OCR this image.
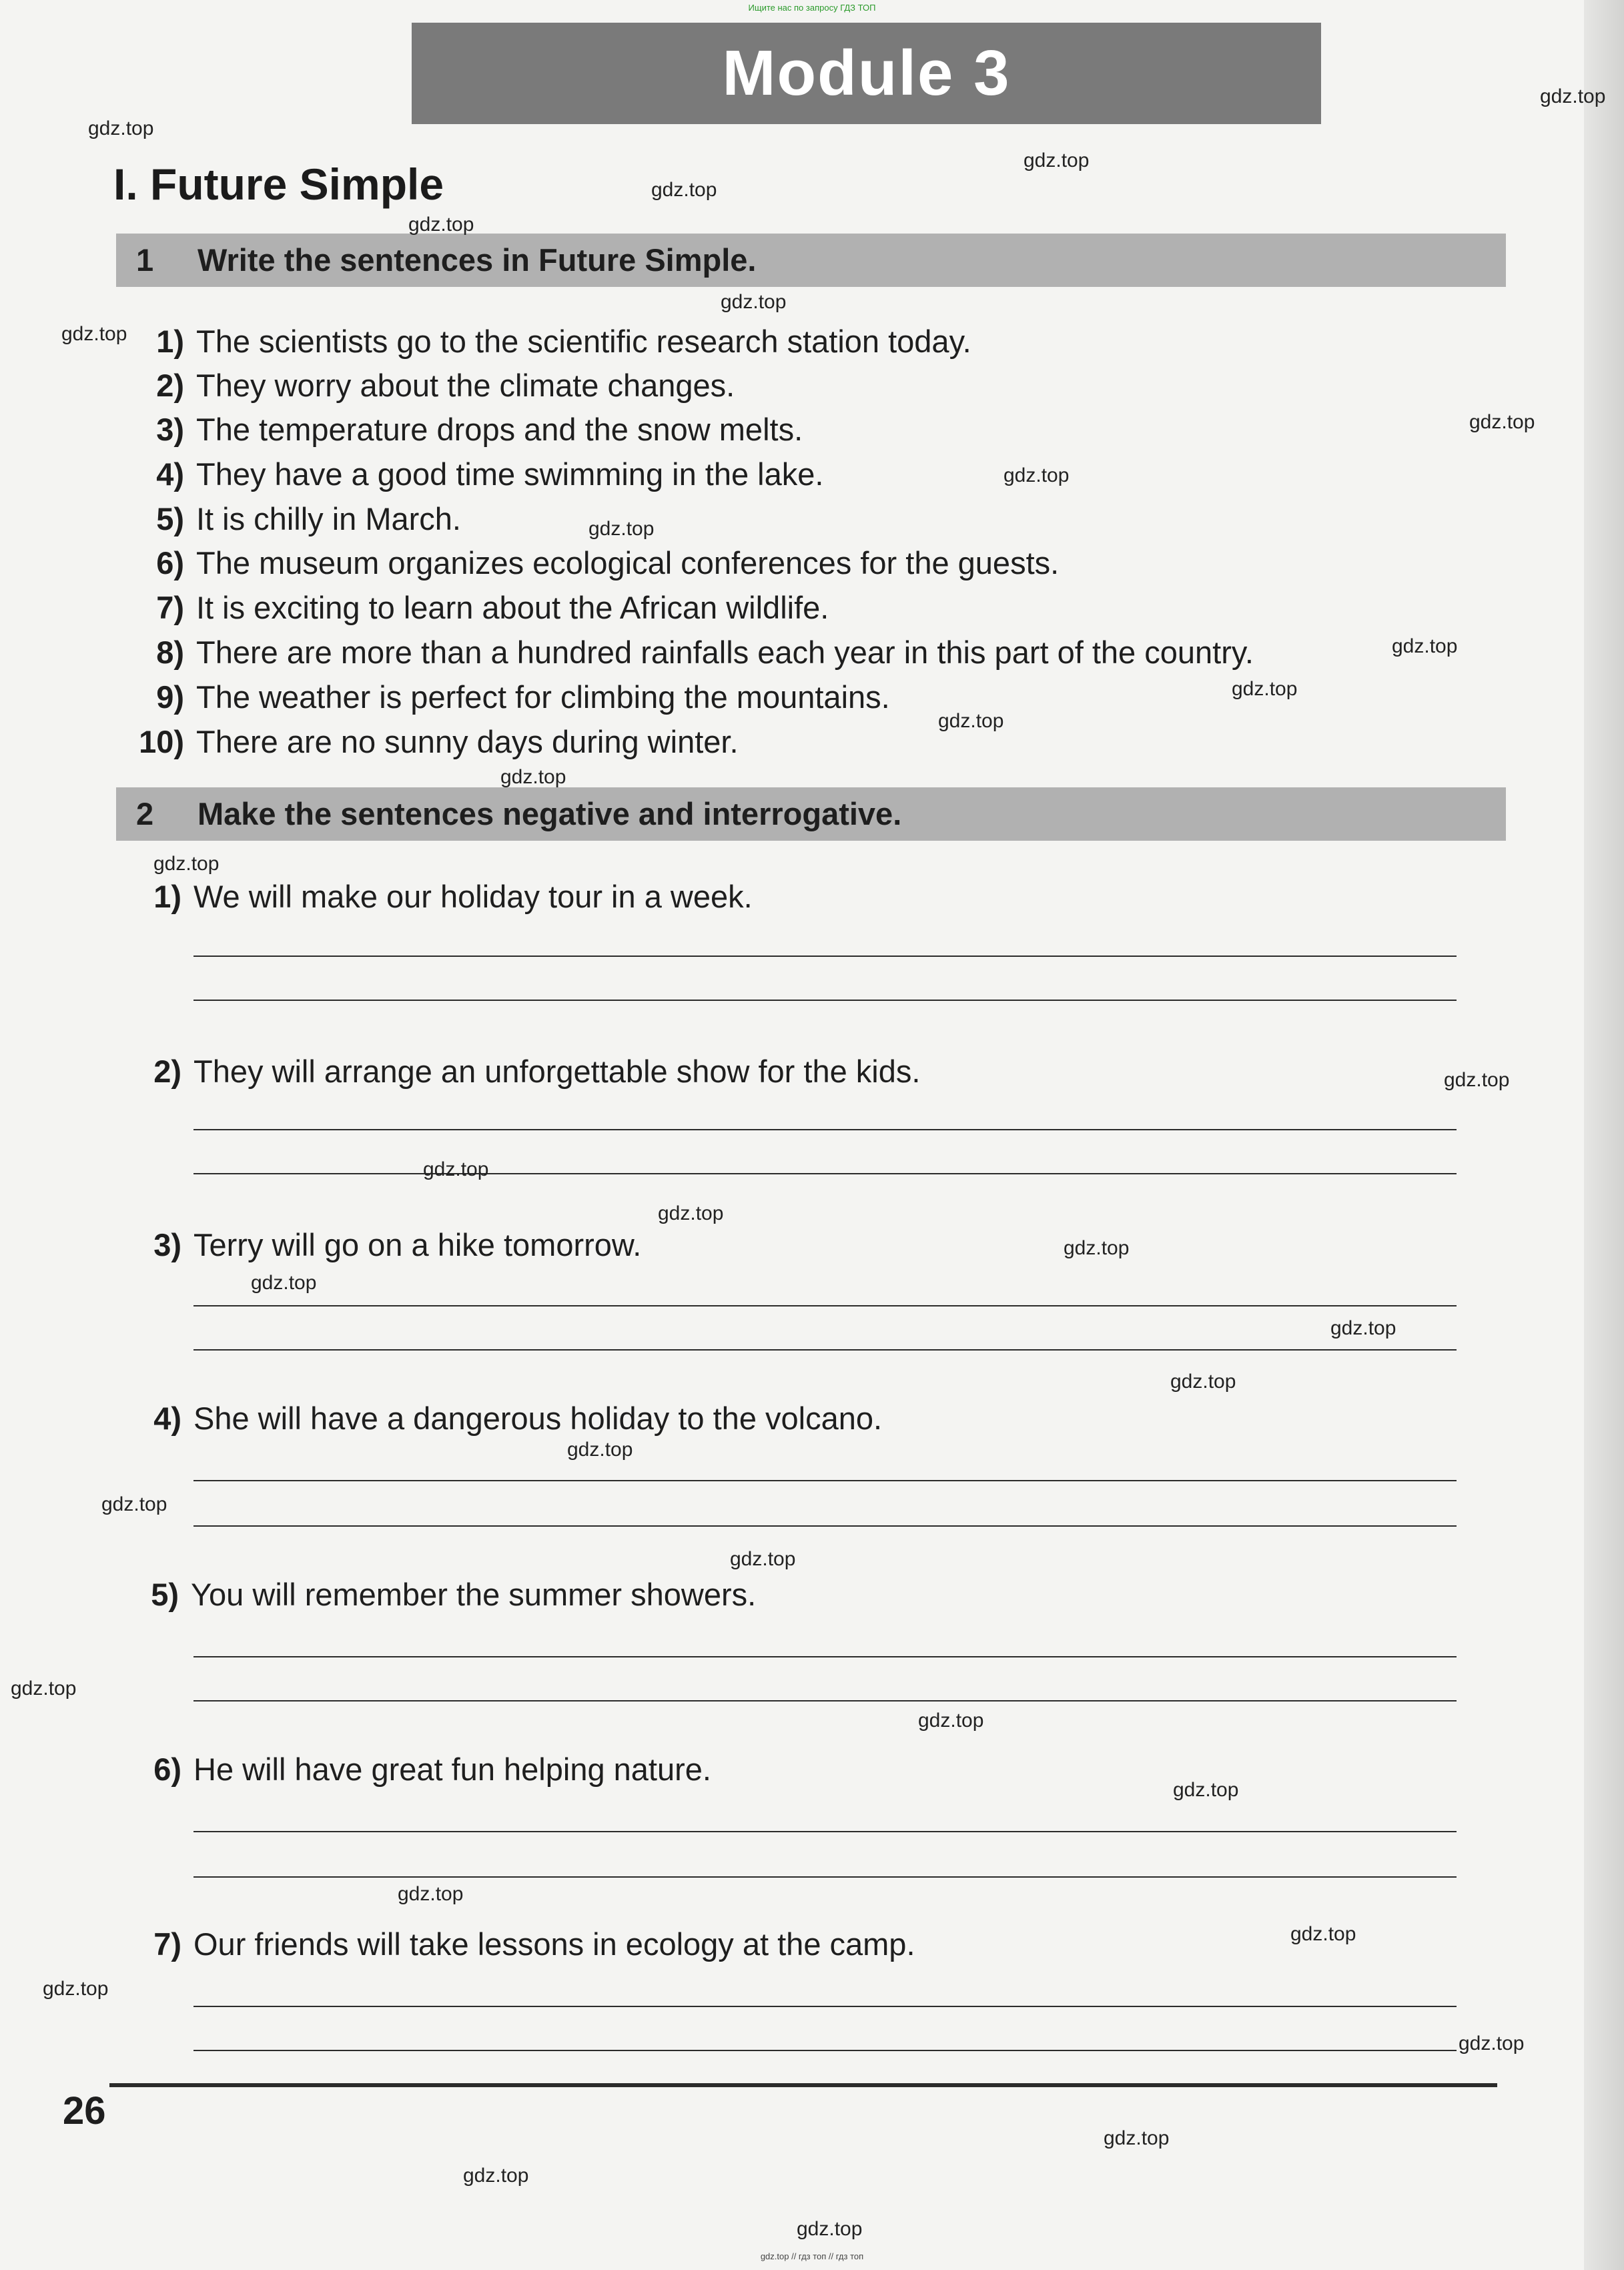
Ищите нас по запросу ГДЗ ТОП
Module 3
I. Future Simple
1 Write the sentences in Future Simple.
1) The scientists go to the scientific research station today.
2) They worry about the climate changes.
3) The temperature drops and the snow melts.
4) They have a good time swimming in the lake.
5) It is chilly in March.
6) The museum organizes ecological conferences for the guests.
7) It is exciting to learn about the African wildlife.
8) There are more than a hundred rainfalls each year in this part of the country.
9) The weather is perfect for climbing the mountains.
10) There are no sunny days during winter.
2 Make the sentences negative and interrogative.
1) We will make our holiday tour in a week.
2) They will arrange an unforgettable show for the kids.
3) Terry will go on a hike tomorrow.
4) She will have a dangerous holiday to the volcano.
5) You will remember the summer showers.
6) He will have great fun helping nature.
7) Our friends will take lessons in ecology at the camp.
26
gdz.top // гдз топ // гдз топ
gdz.top
gdz.top
gdz.top
gdz.top
gdz.top
gdz.top
gdz.top
gdz.top
gdz.top
gdz.top
gdz.top
gdz.top
gdz.top
gdz.top
gdz.top
gdz.top
gdz.top
gdz.top
gdz.top
gdz.top
gdz.top
gdz.top
gdz.top
gdz.top
gdz.top
gdz.top
gdz.top
gdz.top
gdz.top
gdz.top
gdz.top
gdz.top
gdz.top
gdz.top
gdz.top
